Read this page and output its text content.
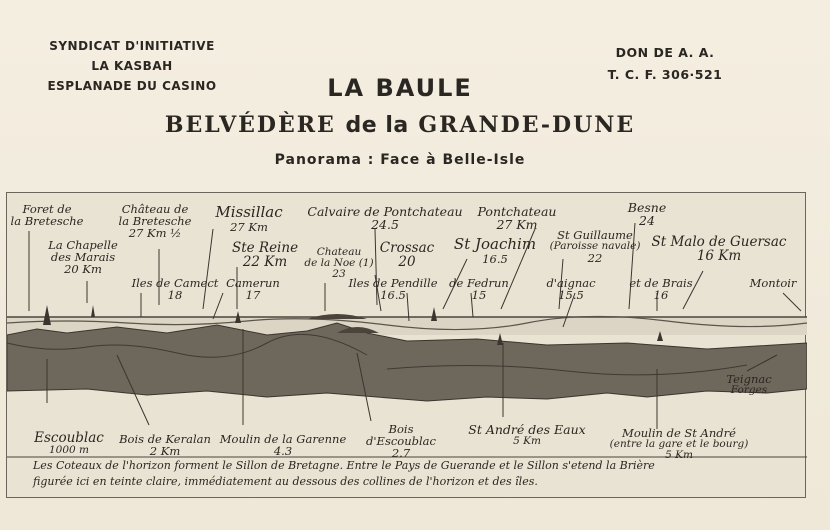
SYNDICAT D'INITIATIVE
LA KASBAH
ESPLANADE DU CASINO
DON DE A. A.
T. C. F. 306·521
LA BAULE
BELVÉDÈRE de la GRANDE-DUNE
Panorama : Face à Belle-Isle
Foret de
la Bretesche
Château de
la Bretesche
27 Km ½
Missillac
27 Km
Calvaire de Pontchateau
24.5
Pontchateau
27 Km
Besne
24
La Chapelle
des Marais
20 Km
Ste Reine
22 Km
Chateau
de la Noe (1)
23
Crossac
20
St Joachim
16.5
St Guillaume
(Paroisse navale)
22
St Malo de Guersac
16 Km
Iles de Camect
18
Camerun
17
Iles de Pendille
16.5
de Fedrun
15
d'aignac
15.5
et de Brais
16
Montoir
Escoublac
1000 m
Bois de Keralan
2 Km
Moulin de la Garenne
4.3
Bois
d'Escoublac
2.7
St André des Eaux
5 Km
Moulin de St André
(entre la gare et le bourg)
5 Km
Teignac
Forges
Les Coteaux de l'horizon forment le Sillon de Bretagne. Entre le Pays de Guerande et le Sillon s'etend la Brière
figurée ici en teinte claire, immédiatement au dessous des collines de l'horizon et des îles.
